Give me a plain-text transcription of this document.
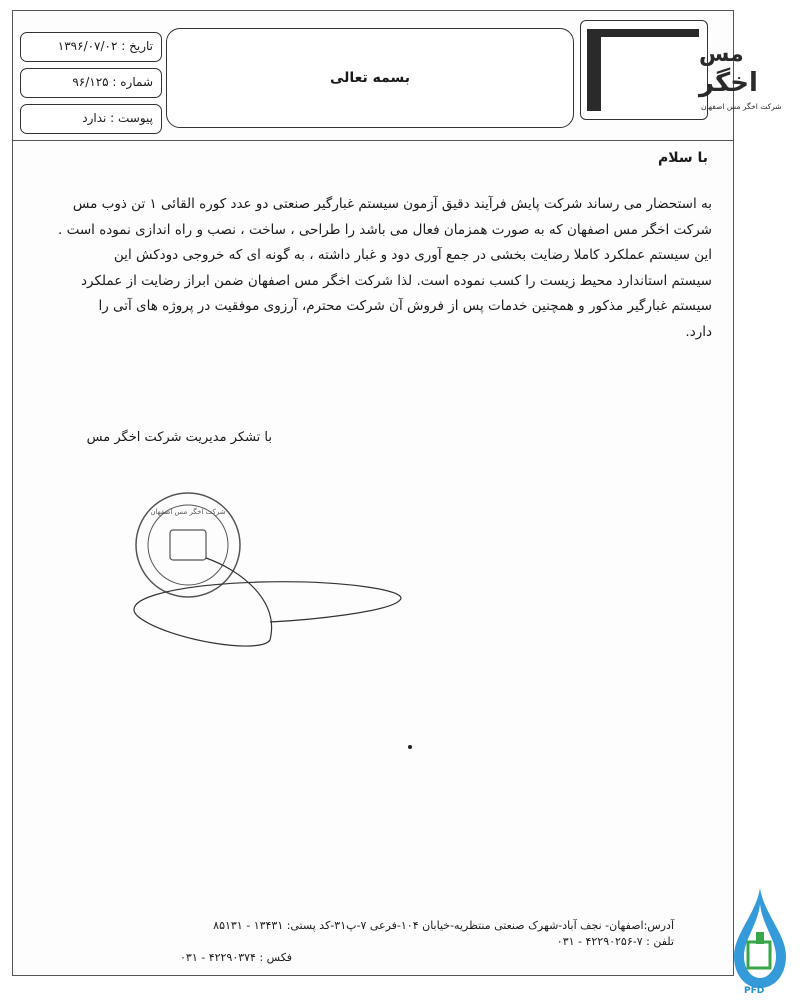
تاریخ : ۱۳۹۶/۰۷/۰۲
شماره : ۹۶/۱۲۵
پیوست : ندارد
بسمه تعالی
مس
اخگر
شرکت اخگر مس اصفهان
با سلام
به استحضار می رساند شرکت پایش فرآیند دقیق آزمون سیستم غبارگیر صنعتی دو عدد کوره القائی ۱ تن ذوب مس
شرکت اخگر مس اصفهان که به صورت همزمان فعال می باشد را طراحی ، ساخت ، نصب و راه اندازی نموده است .
این سیستم عملکرد کاملا رضایت بخشی در جمع آوری دود و غبار داشته ، به گونه ای که خروجی دودکش این
سیستم استاندارد محیط زیست را کسب نموده است. لذا شرکت اخگر مس اصفهان ضمن ابراز رضایت از عملکرد
سیستم غبارگیر مذکور و همچنین خدمات پس از فروش آن شرکت محترم، آرزوی موفقیت در پروژه های آتی را
دارد.
با تشکر مدیریت شرکت اخگر مس
شرکت اخگر مس اصفهان
آدرس:اصفهان- نجف آباد-شهرک صنعتی منتظریه-خیابان ۱۰۴-فرعی ۷-پ۳۱-کد پستی: ۱۳۴۳۱ - ۸۵۱۳۱
تلفن : ۷-۴۲۲۹۰۲۵۶ - ۰۳۱
فکس : ۴۲۲۹۰۳۷۴ - ۰۳۱
PFD
